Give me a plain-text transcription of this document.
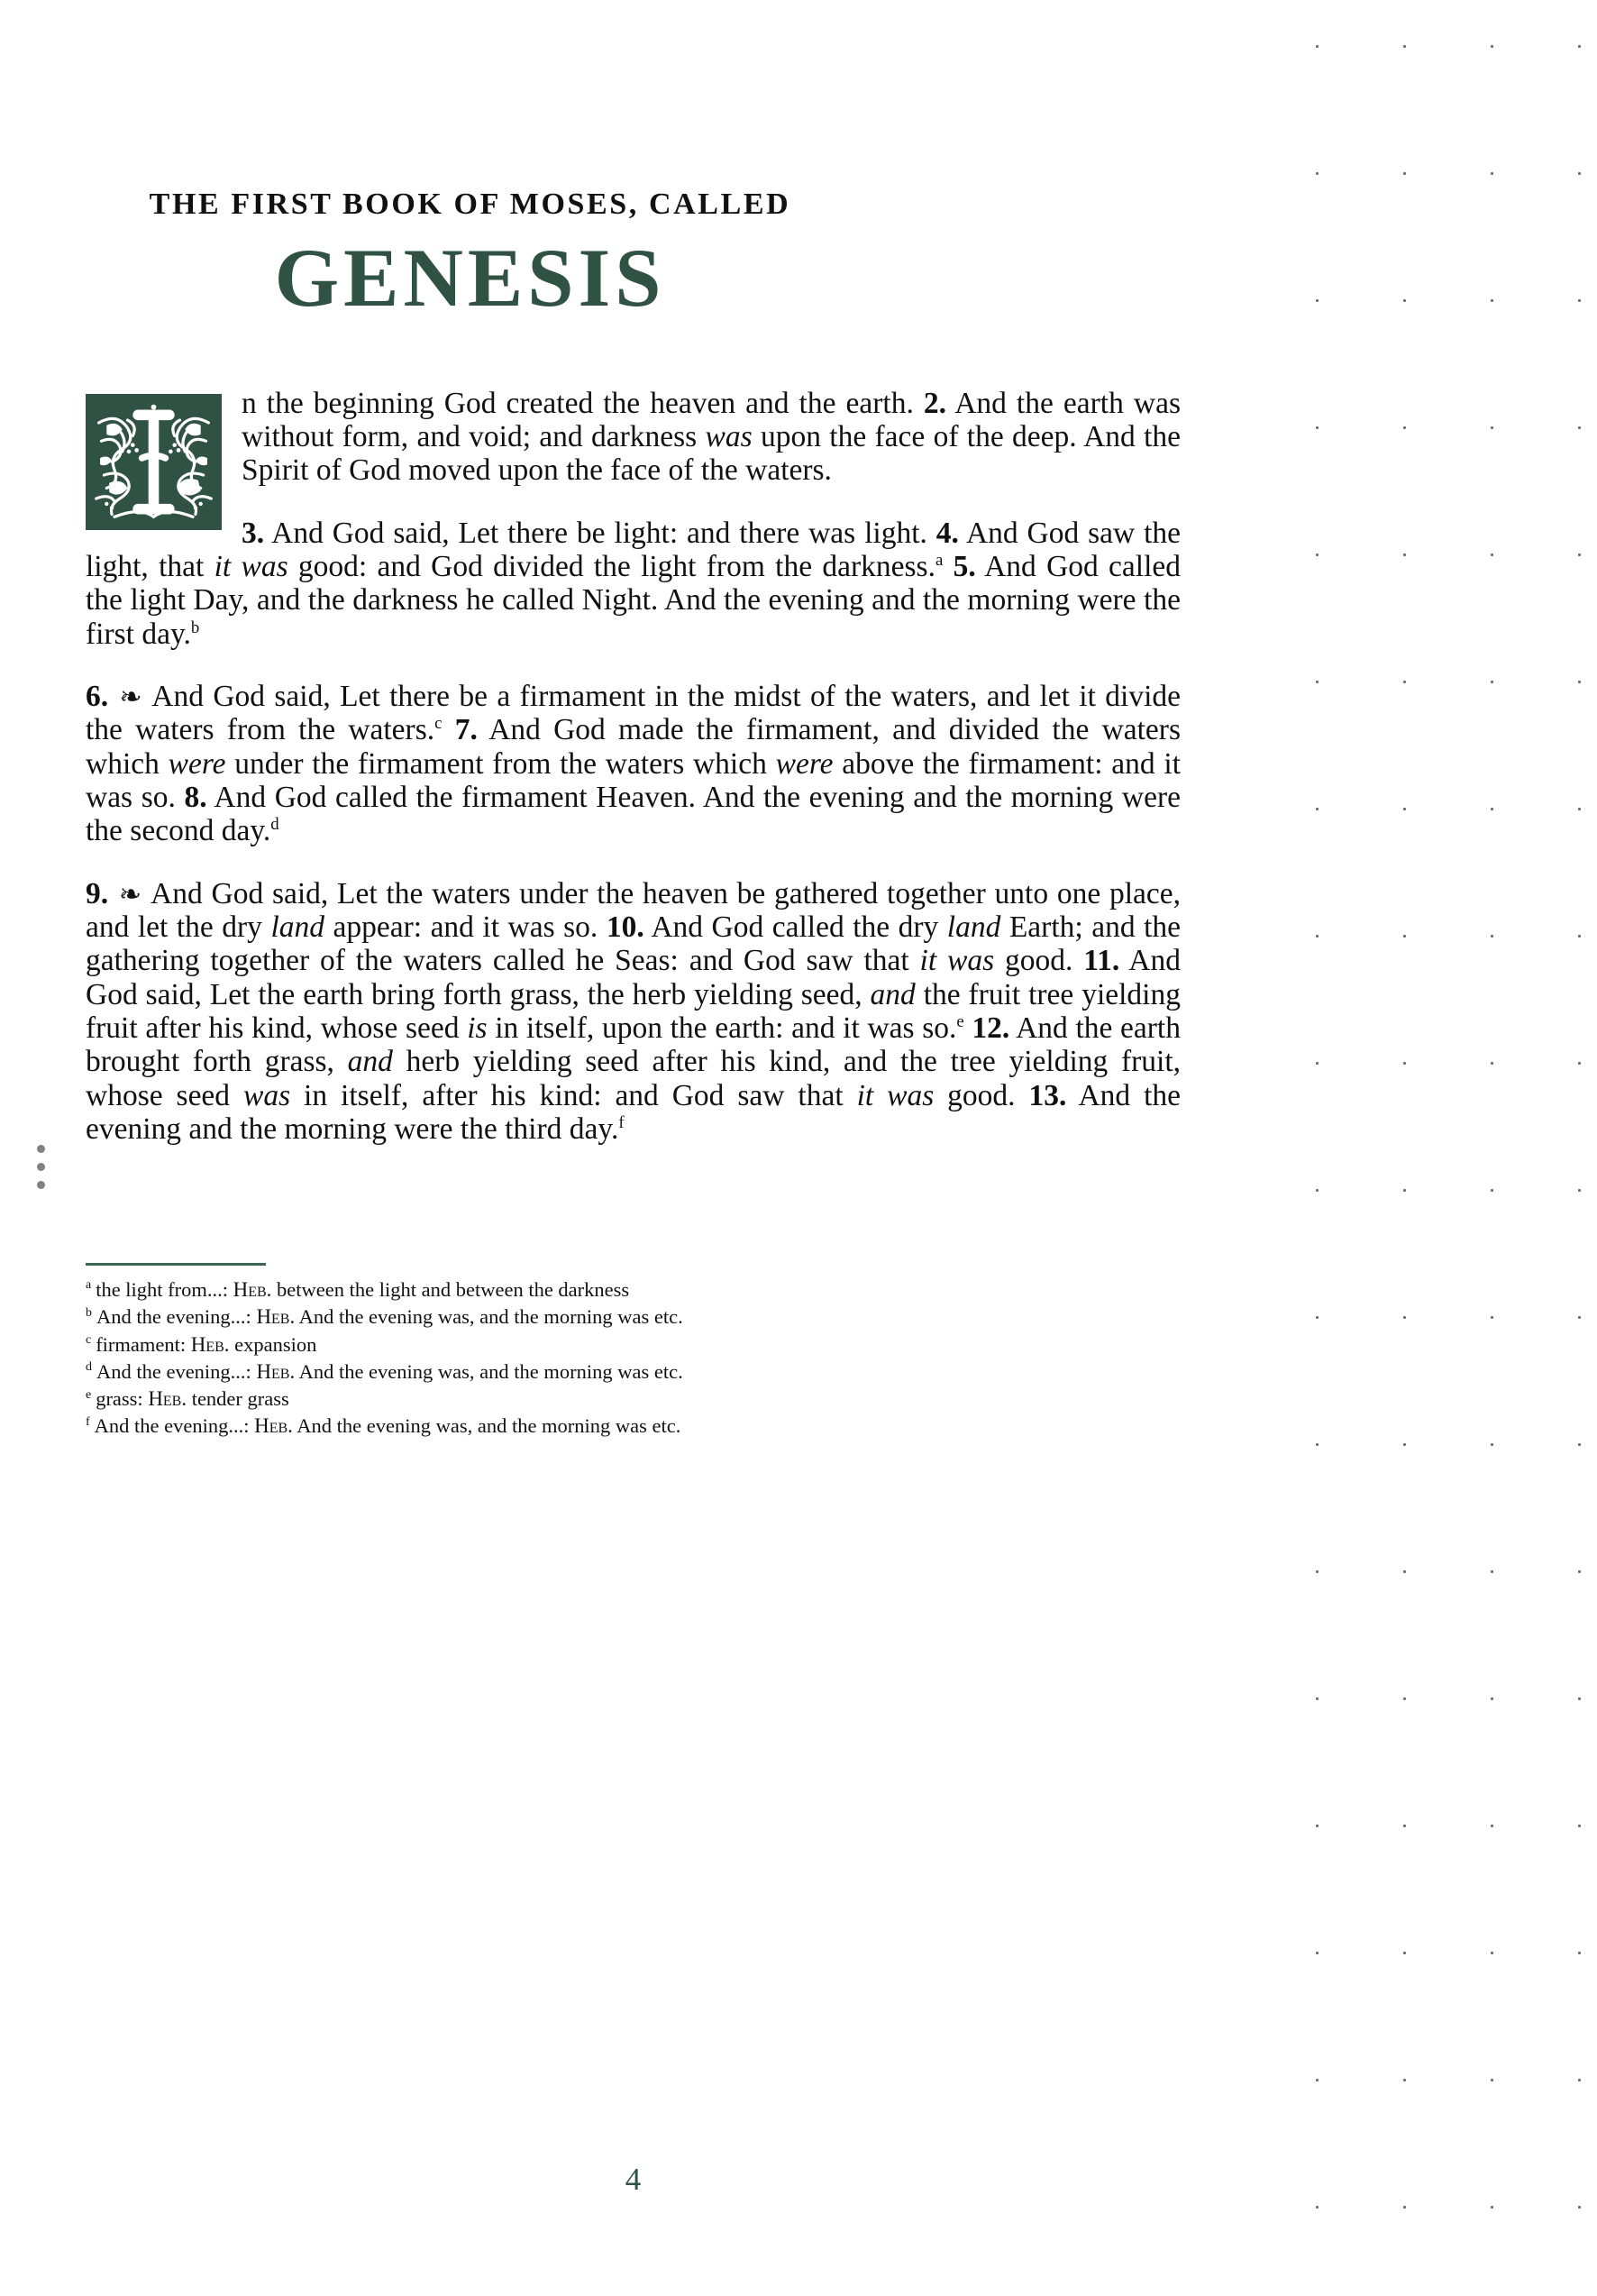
THE FIRST BOOK OF MOSES, CALLED
GENESIS

n the beginning God created the heaven and the earth. 2. And the earth was without form, and void; and darkness was upon the face of the deep. And the Spirit of God moved upon the face of the waters.

3. And God said, Let there be light: and there was light. 4. And God saw the light, that it was good: and God divided the light from the darkness.$^a$ 5. And God called the light Day, and the darkness he called Night. And the evening and the morning were the first day.$^b$

6. ❧ And God said, Let there be a firmament in the midst of the waters, and let it divide the waters from the waters.$^c$ 7. And God made the firmament, and divided the waters which were under the firmament from the waters which were above the firmament: and it was so. 8. And God called the firmament Heaven. And the evening and the morning were the second day.$^d$

9. ❧ And God said, Let the waters under the heaven be gathered together unto one place, and let the dry land appear: and it was so. 10. And God called the dry land Earth; and the gathering together of the waters called he Seas: and God saw that it was good. 11. And God said, Let the earth bring forth grass, the herb yielding seed, and the fruit tree yielding fruit after his kind, whose seed is in itself, upon the earth: and it was so.$^e$ 12. And the earth brought forth grass, and herb yielding seed after his kind, and the tree yielding fruit, whose seed was in itself, after his kind: and God saw that it was good. 13. And the evening and the morning were the third day.$^f$

$^a$ the light from...: Heb. between the light and between the darkness

$^b$ And the evening...: Heb. And the evening was, and the morning was etc.

$^c$ firmament: Heb. expansion

$^d$ And the evening...: Heb. And the evening was, and the morning was etc.

$^e$ grass: Heb. tender grass

$^f$ And the evening...: Heb. And the evening was, and the morning was etc.

4
